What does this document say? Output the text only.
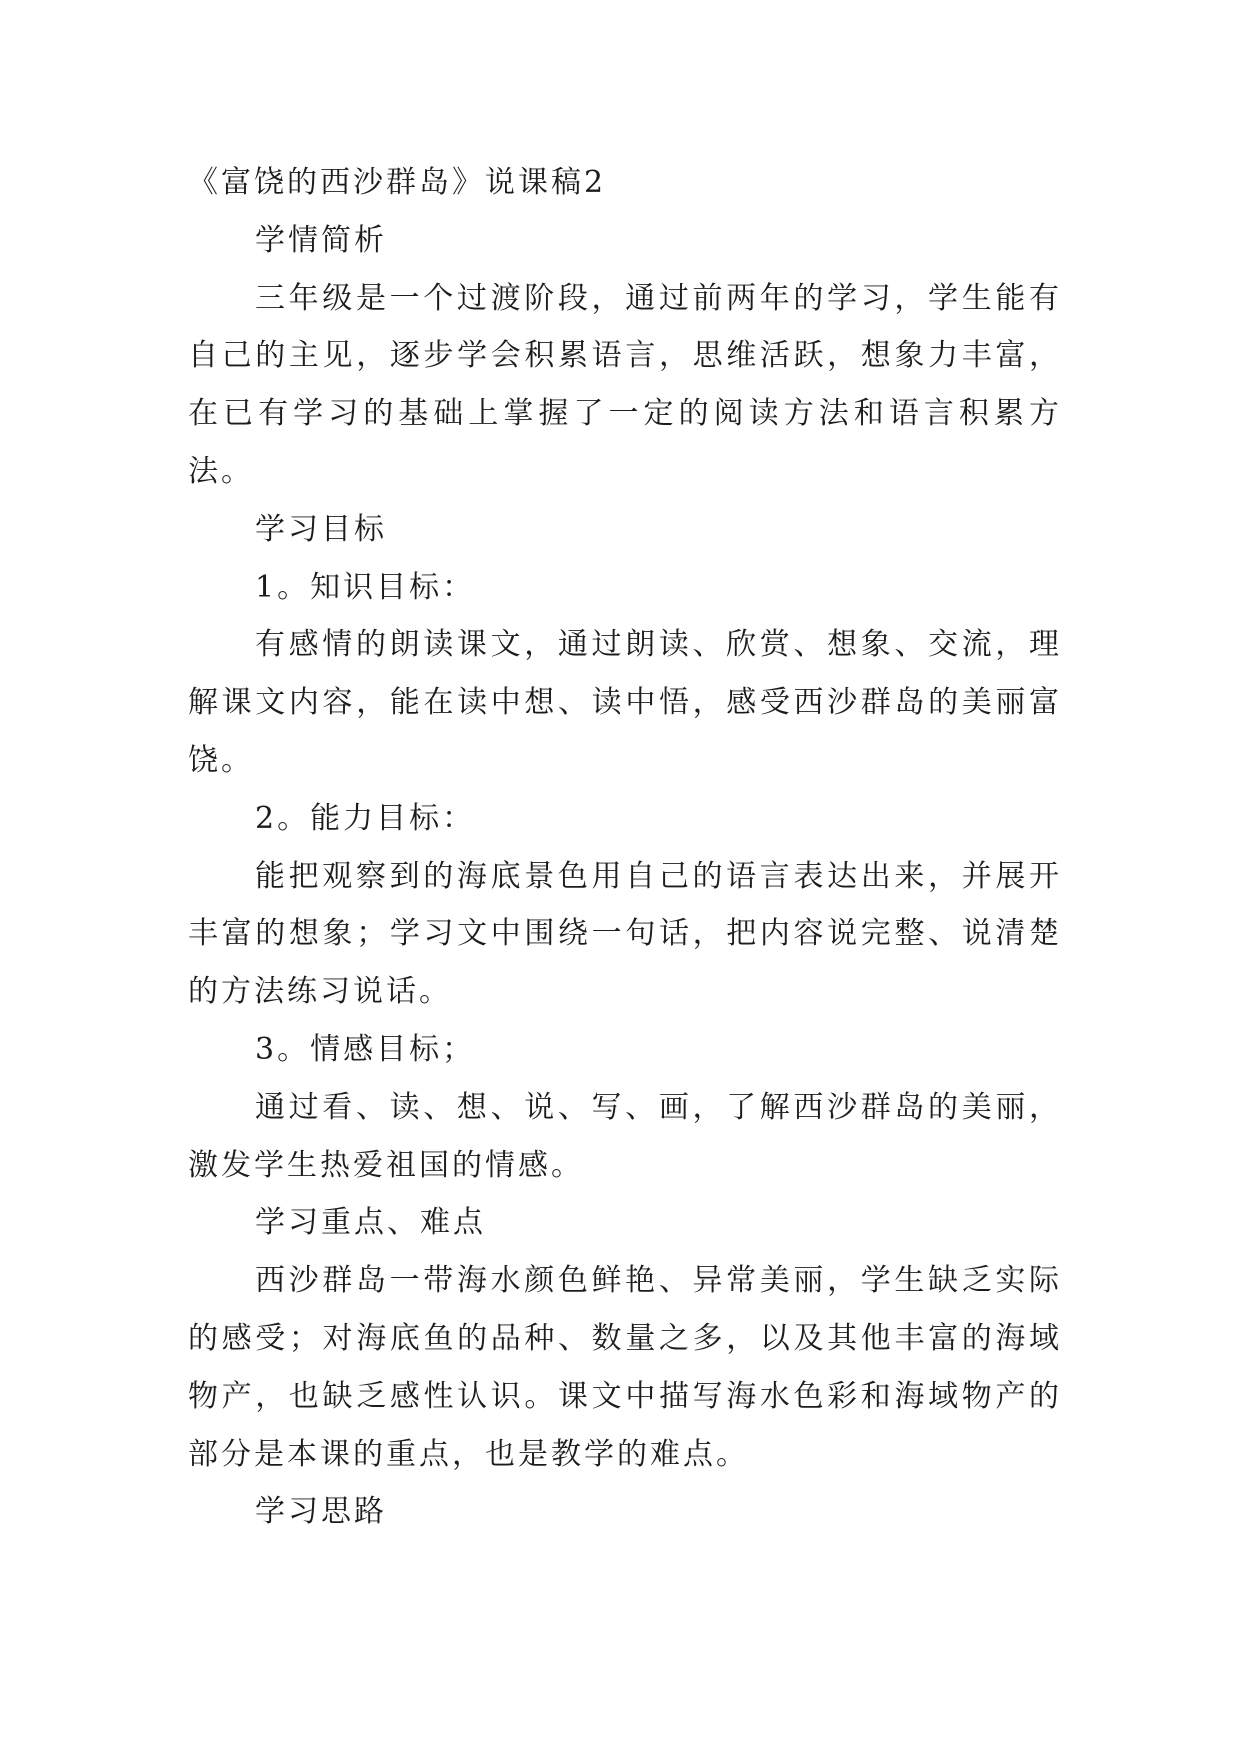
《富饶的西沙群岛》说课稿2
学情简析
三年级是一个过渡阶段，通过前两年的学习，学生能有
自己的主见，逐步学会积累语言，思维活跃，想象力丰富，
在已有学习的基础上掌握了一定的阅读方法和语言积累方
法。
学习目标
1。知识目标：
有感情的朗读课文，通过朗读、欣赏、想象、交流，理
解课文内容，能在读中想、读中悟，感受西沙群岛的美丽富
饶。
2。能力目标：
能把观察到的海底景色用自己的语言表达出来，并展开
丰富的想象；学习文中围绕一句话，把内容说完整、说清楚
的方法练习说话。
3。情感目标；
通过看、读、想、说、写、画，了解西沙群岛的美丽，
激发学生热爱祖国的情感。
学习重点、难点
西沙群岛一带海水颜色鲜艳、异常美丽，学生缺乏实际
的感受；对海底鱼的品种、数量之多，以及其他丰富的海域
物产，也缺乏感性认识。课文中描写海水色彩和海域物产的
部分是本课的重点，也是教学的难点。
学习思路
